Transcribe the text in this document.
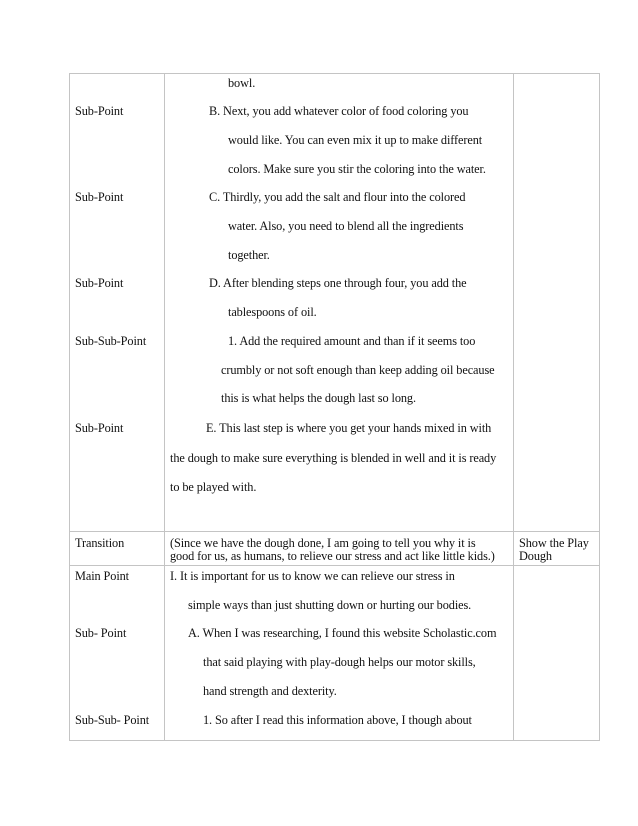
Sub-Point
Sub-Point
Sub-Point
Sub-Sub-Point
Sub-Point
bowl.
B. Next, you add whatever color of food coloring you
would like. You can even mix it up to make different
colors. Make sure you stir the coloring into the water.
C. Thirdly, you add the salt and flour into the colored
water. Also, you need to blend all the ingredients
together.
D. After blending steps one through four, you add the
tablespoons of oil.
1. Add the required amount and than if it seems too
crumbly or not soft enough than keep adding oil because
this is what helps the dough last so long.
E. This last step is where you get your hands mixed in with
the dough to make sure everything is blended in well and it is ready
to be played with.
Transition	(Since we have the dough done, I am going to tell you why it is
good for us, as humans, to relieve our stress and act like little kids.)
Show the Play
Dough
Main Point
Sub- Point
Sub-Sub- Point
I. It is important for us to know we can relieve our stress in
simple ways than just shutting down or hurting our bodies.
A. When I was researching, I found this website Scholastic.com
that said playing with play-dough helps our motor skills,
hand strength and dexterity.
1. So after I read this information above, I though about
